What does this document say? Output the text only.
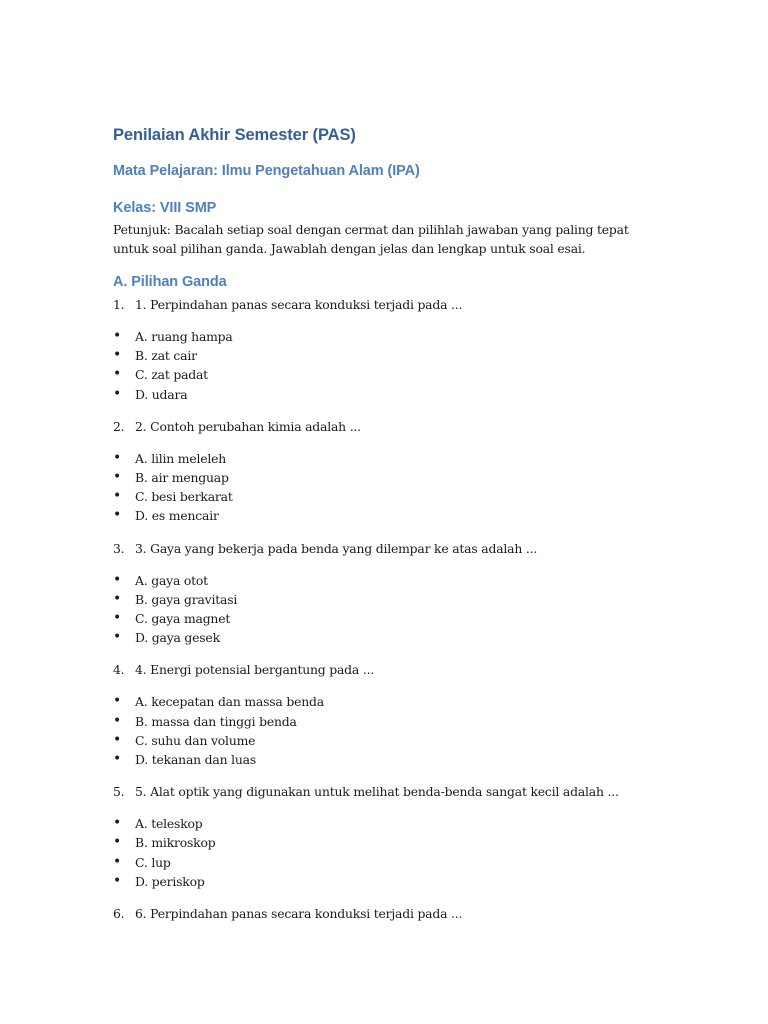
Penilaian Akhir Semester (PAS)
Mata Pelajaran: Ilmu Pengetahuan Alam (IPA)
Kelas: VIII SMP

Petunjuk: Bacalah setiap soal dengan cermat dan pilihlah jawaban yang paling tepat untuk soal pilihan ganda. Jawablah dengan jelas dan lengkap untuk soal esai.

A. Pilihan Ganda

1. 1. Perpindahan panas secara konduksi terjadi pada ...

• A. ruang hampa
• B. zat cair
• C. zat padat
• D. udara

2. 2. Contoh perubahan kimia adalah ...

• A. lilin meleleh
• B. air menguap
• C. besi berkarat
• D. es mencair

3. 3. Gaya yang bekerja pada benda yang dilempar ke atas adalah ...

• A. gaya otot
• B. gaya gravitasi
• C. gaya magnet
• D. gaya gesek

4. 4. Energi potensial bergantung pada ...

• A. kecepatan dan massa benda
• B. massa dan tinggi benda
• C. suhu dan volume
• D. tekanan dan luas

5. 5. Alat optik yang digunakan untuk melihat benda-benda sangat kecil adalah ...

• A. teleskop
• B. mikroskop
• C. lup
• D. periskop

6. 6. Perpindahan panas secara konduksi terjadi pada ...
